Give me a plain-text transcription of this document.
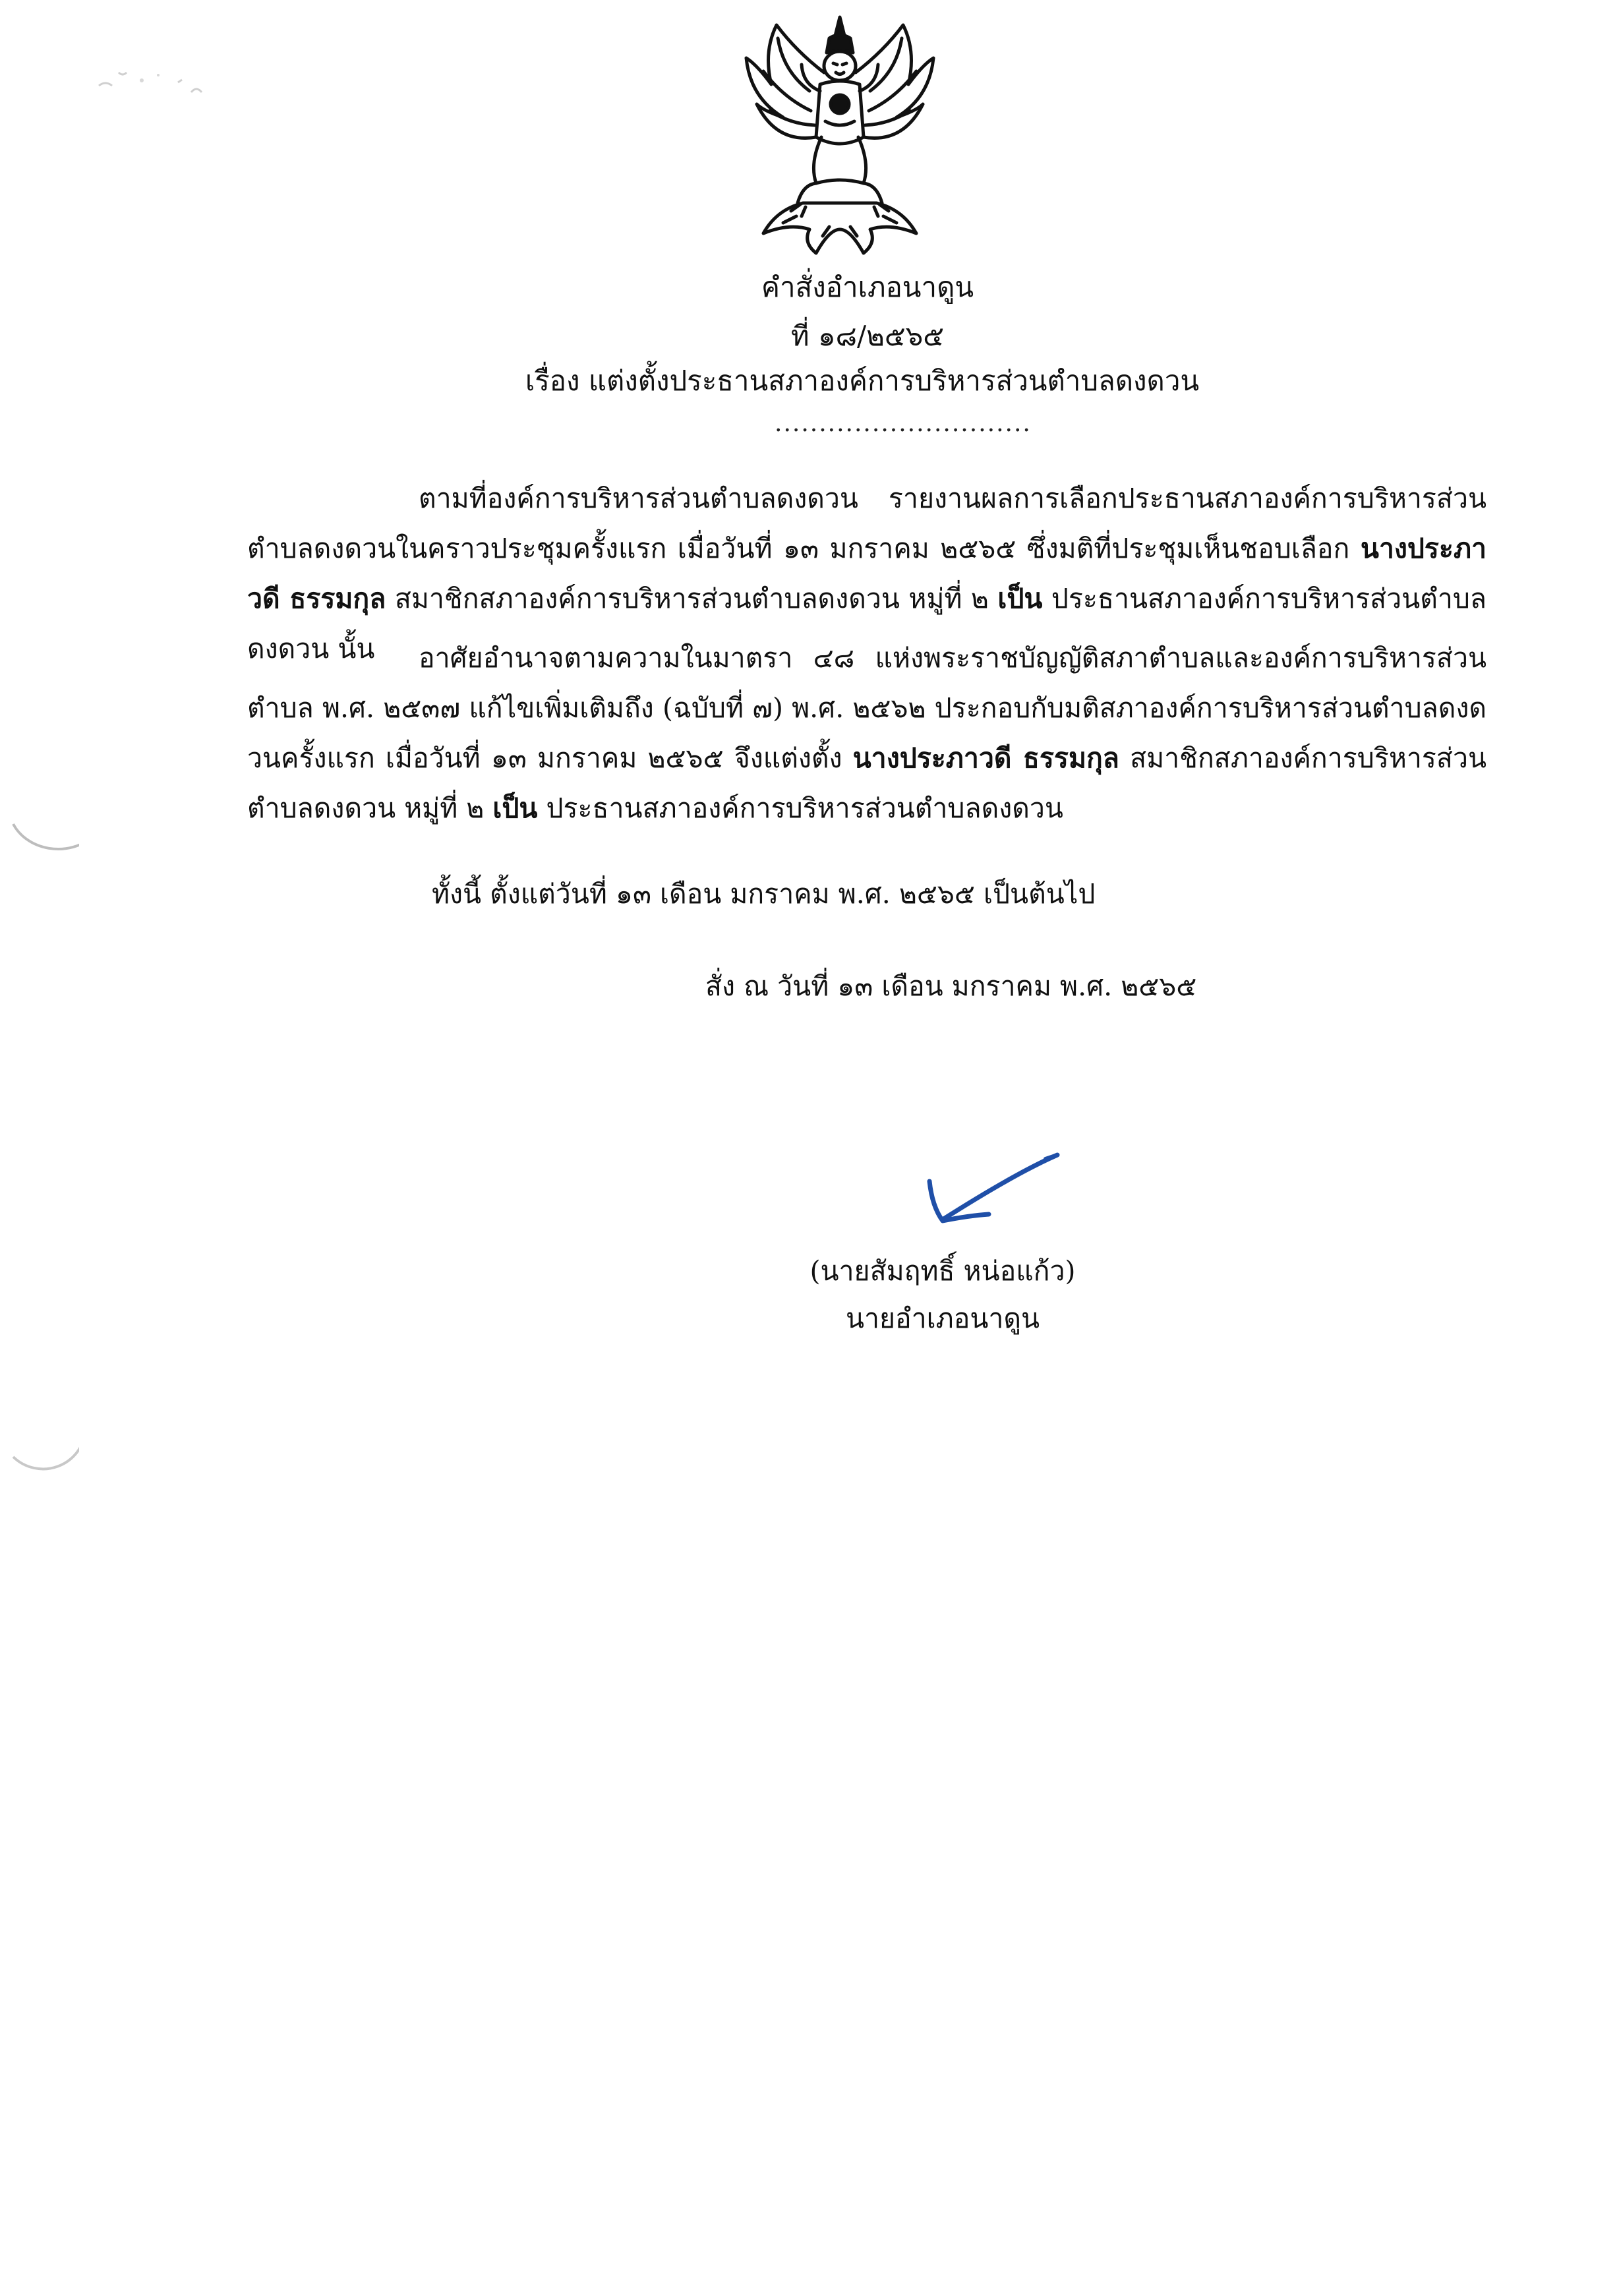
คำสั่งอำเภอนาดูน
ที่ ๑๘/๒๕๖๕
เรื่อง แต่งตั้งประธานสภาองค์การบริหารส่วนตำบลดงดวน
.............................
ตามที่องค์การบริหารส่วนตำบลดงดวน รายงานผลการเลือกประธานสภาองค์การบริหารส่วนตำบลดงดวนในคราวประชุมครั้งแรก เมื่อวันที่ ๑๓ มกราคม ๒๕๖๕ ซึ่งมติที่ประชุมเห็นชอบเลือก นางประภาวดี ธรรมกุล สมาชิกสภาองค์การบริหารส่วนตำบลดงดวน หมู่ที่ ๒ เป็น ประธานสภาองค์การบริหารส่วนตำบลดงดวน นั้น	อาศัยอำนาจตามความในมาตรา ๔๘ แห่งพระราชบัญญัติสภาตำบลและองค์การบริหารส่วนตำบล พ.ศ. ๒๕๓๗ แก้ไขเพิ่มเติมถึง (ฉบับที่ ๗) พ.ศ. ๒๕๖๒ ประกอบกับมติสภาองค์การบริหารส่วนตำบลดงดวนครั้งแรก เมื่อวันที่ ๑๓ มกราคม ๒๕๖๕ จึงแต่งตั้ง นางประภาวดี ธรรมกุล สมาชิกสภาองค์การบริหารส่วนตำบลดงดวน หมู่ที่ ๒ เป็น ประธานสภาองค์การบริหารส่วนตำบลดงดวน
ทั้งนี้ ตั้งแต่วันที่ ๑๓ เดือน มกราคม พ.ศ. ๒๕๖๕ เป็นต้นไป
สั่ง ณ วันที่ ๑๓ เดือน มกราคม พ.ศ. ๒๕๖๕
(นายสัมฤทธิ์ หน่อแก้ว)
นายอำเภอนาดูน
